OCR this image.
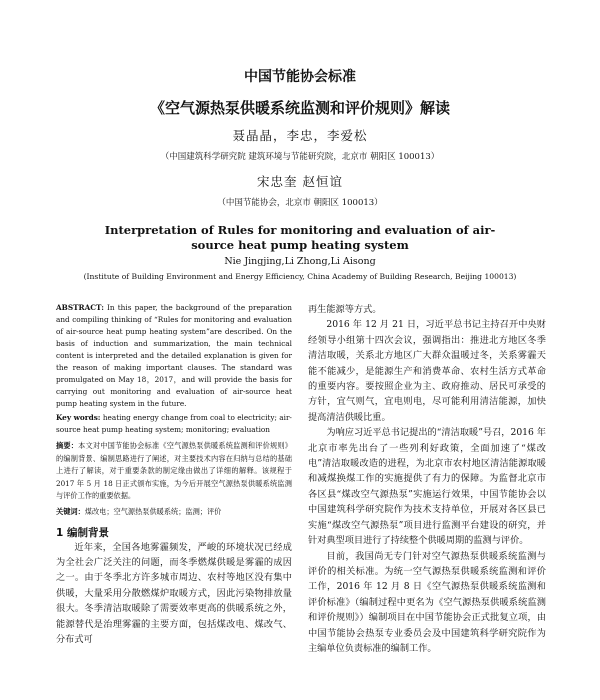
中国节能协会标准
《空气源热泵供暖系统监测和评价规则》解读
聂晶晶，李忠，李爱松
（中国建筑科学研究院 建筑环境与节能研究院，北京市 朝阳区 100013）
宋忠奎 赵恒谊
（中国节能协会，北京市 朝阳区 100013）
Interpretation of Rules for monitoring and evaluation of air-source heat pump heating system
Nie Jingjing,Li Zhong,Li Aisong
(Institute of Building Environment and Energy Efficiency, China Academy of Building Research, Beijing 100013)
ABSTRACT: In this paper, the background of the preparation and compiling thinking of “Rules for monitoring and evaluation of air-source heat pump heating system”are described. On the basis of induction and summarization, the main technical content is interpreted and the detailed explanation is given for the reason of making important clauses. The standard was promulgated on May 18，2017，and will provide the basis for carrying out monitoring and evaluation of air-source heat pump heating system in the future.
Key words: heating energy change from coal to electricity; air-source heat pump heating system; monitoring; evaluation
摘要：本文对中国节能协会标准《空气源热泵供暖系统监测和评价规则》的编制背景、编制思路进行了阐述，对主要技术内容在归纳与总结的基础上进行了解读，对于重要条款的制定缘由做出了详细的解释。该规程于 2017 年 5 月 18 日正式颁布实施，为今后开展空气源热泵供暖系统监测与评价工作的重要依据。
关键词：煤改电；空气源热泵供暖系统；监测；评价
1 编制背景

近年来，全国各地雾霾频发，严峻的环境状况已经成为全社会广泛关注的问题，而冬季燃煤供暖是雾霾的成因之一。由于冬季北方许多城市周边、农村等地区没有集中供暖，大量采用分散燃煤炉取暖方式，因此污染物排放量很大。冬季清洁取暖除了需要效率更高的供暖系统之外，能源替代是治理雾霾的主要方面，包括煤改电、煤改气、分布式可

再生能源等方式。

2016 年 12 月 21 日，习近平总书记主持召开中央财经领导小组第十四次会议，强调指出：推进北方地区冬季清洁取暖，关系北方地区广大群众温暖过冬，关系雾霾天能不能减少，是能源生产和消费革命、农村生活方式革命的重要内容。要按照企业为主、政府推动、居民可承受的方针，宜气则气，宜电则电，尽可能利用清洁能源，加快提高清洁供暖比重。

为响应习近平总书记提出的“清洁取暖”号召，2016 年北京市率先出台了一些列利好政策，全面加速了“煤改电”清洁取暖改造的进程，为北京市农村地区清洁能源取暖和减煤换煤工作的实施提供了有力的保障。为监督北京市各区县“煤改空气源热泵”实施运行效果，中国节能协会以中国建筑科学研究院作为技术支持单位，开展对各区县已实施“煤改空气源热泵”项目进行监测平台建设的研究，并针对典型项目进行了持续整个供暖周期的监测与评价。

目前，我国尚无专门针对空气源热泵供暖系统监测与评价的相关标准。为统一空气源热泵供暖系统监测和评价工作，2016 年 12 月 8 日《空气源热泵供暖系统监测和评价标准》（编制过程中更名为《空气源热泵供暖系统监测和评价规则》）编制项目在中国节能协会正式批复立项，由中国节能协会热泵专业委员会及中国建筑科学研究院作为主编单位负责标准的编制工作。
